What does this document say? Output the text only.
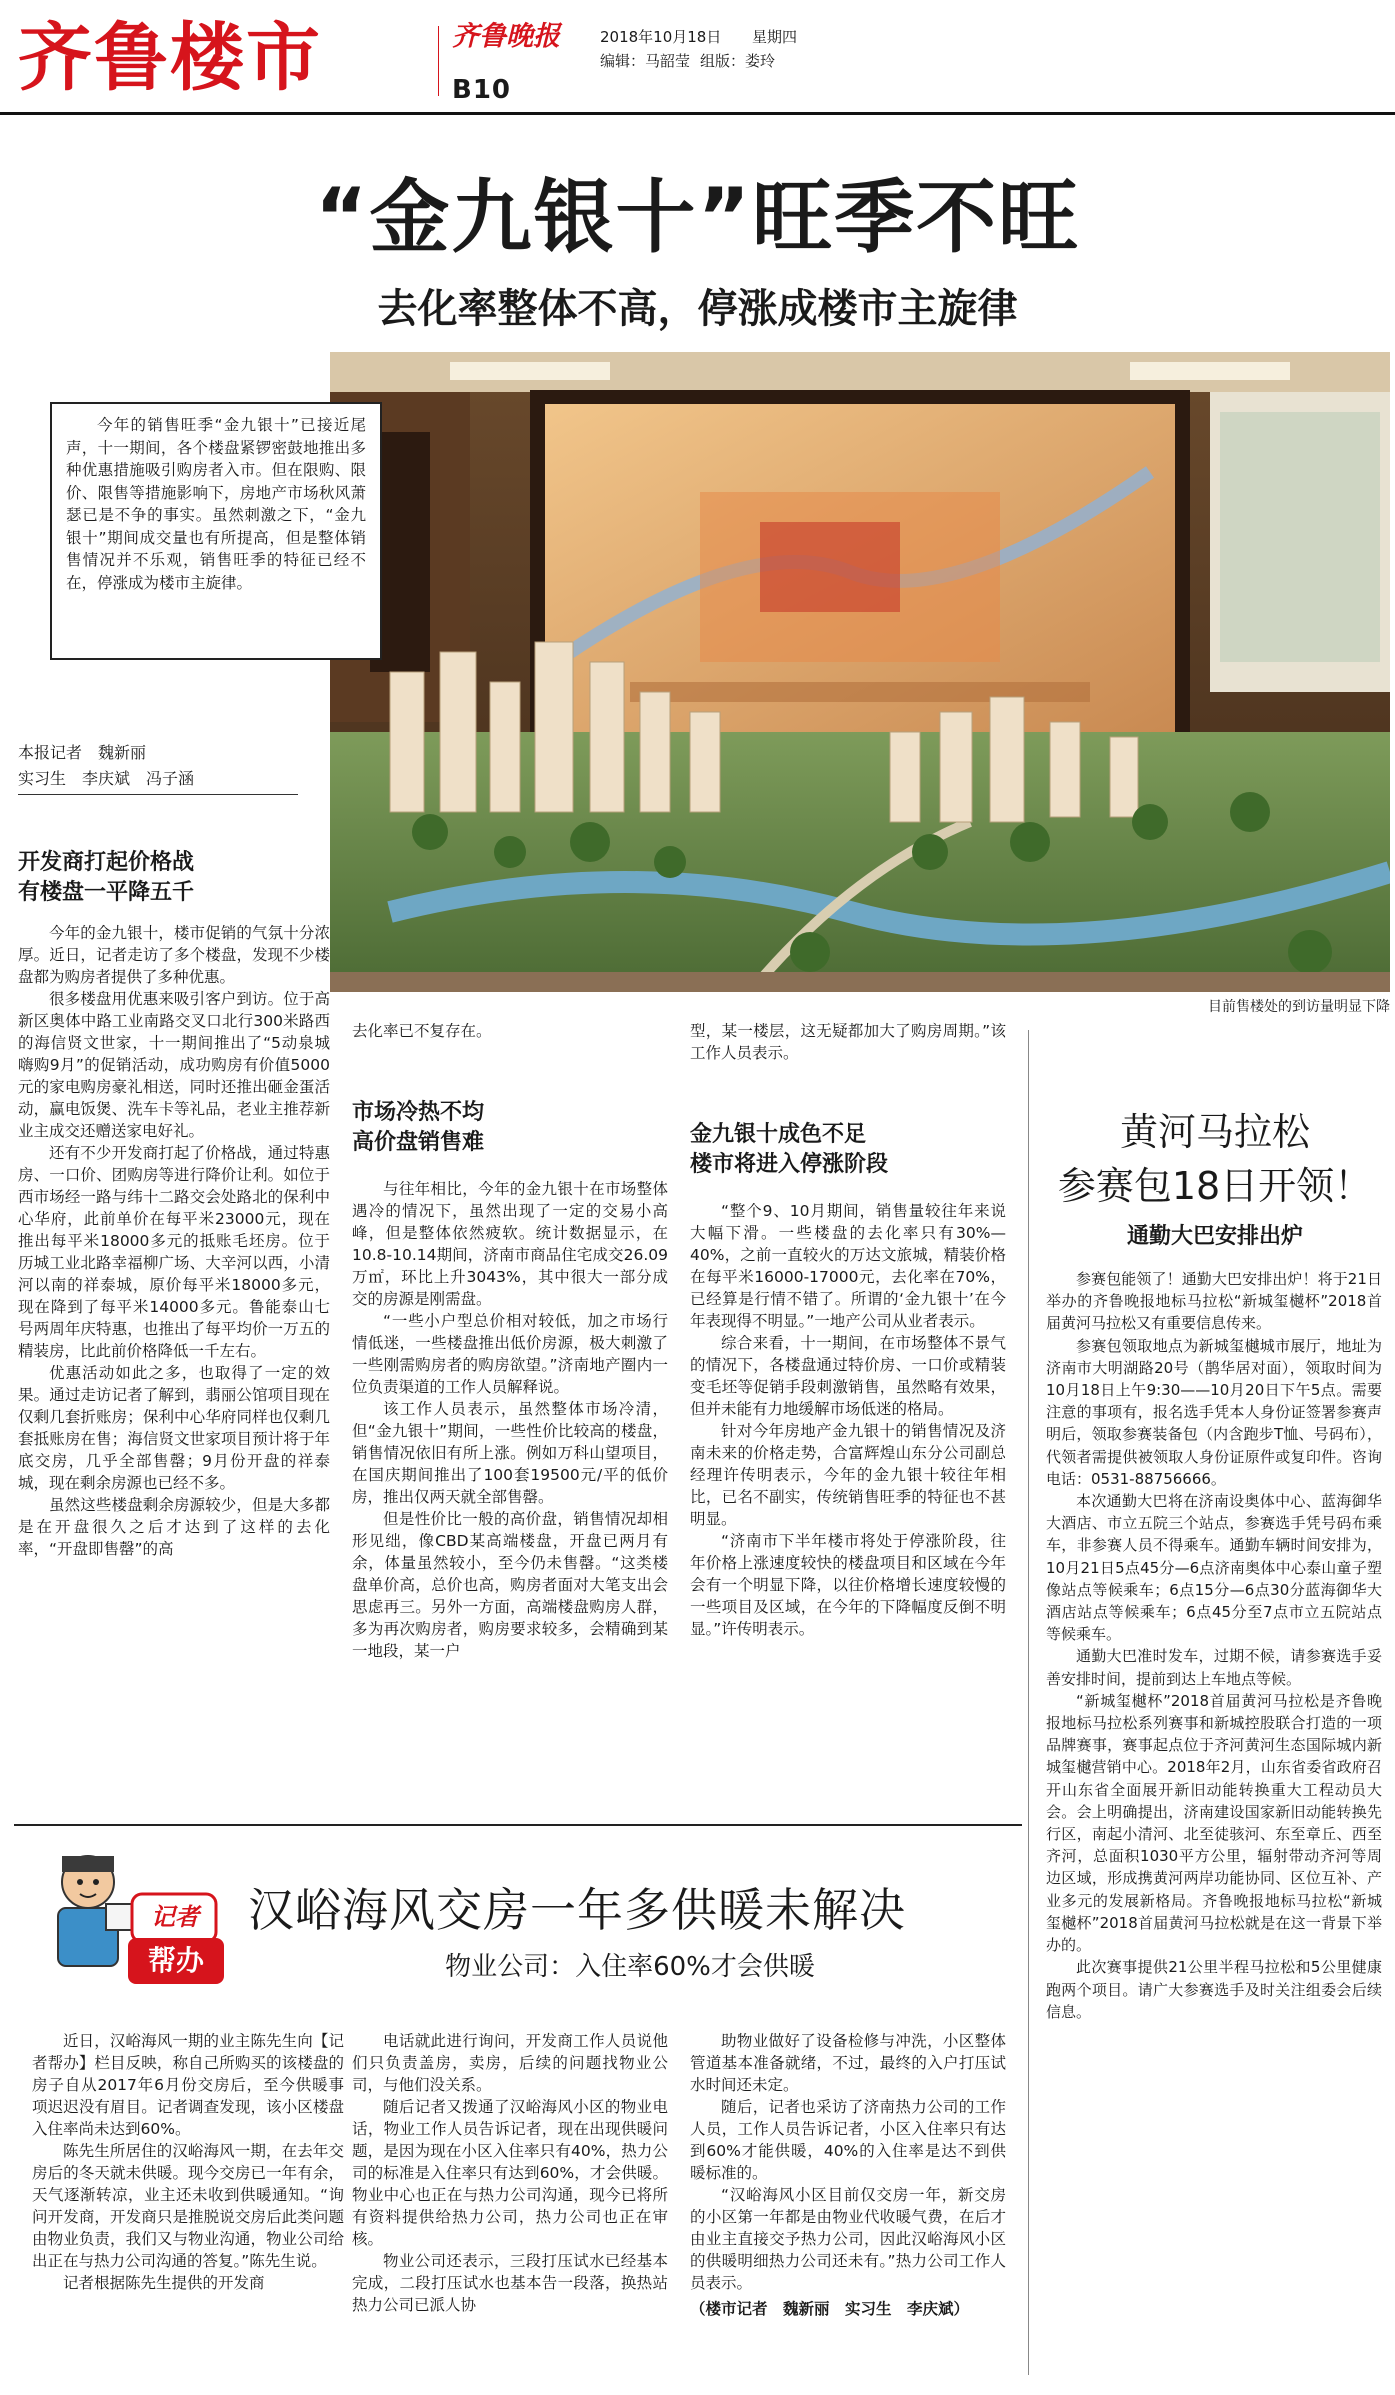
齐鲁楼市	齐鲁晚报	2018年10月18日 星期四
编辑：马韶莹 组版：娄玲
B10
“金九银十”旺季不旺
去化率整体不高，停涨成楼市主旋律
今年的销售旺季“金九银十”已接近尾声，十一期间，各个楼盘紧锣密鼓地推出多种优惠措施吸引购房者入市。但在限购、限价、限售等措施影响下，房地产市场秋风萧瑟已是不争的事实。虽然刺激之下，“金九银十”期间成交量也有所提高，但是整体销售情况并不乐观，销售旺季的特征已经不在，停涨成为楼市主旋律。
目前售楼处的到访量明显下降
本报记者　魏新丽
实习生　李庆斌　冯子涵
开发商打起价格战
有楼盘一平降五千

今年的金九银十，楼市促销的气氛十分浓厚。近日，记者走访了多个楼盘，发现不少楼盘都为购房者提供了多种优惠。

很多楼盘用优惠来吸引客户到访。位于高新区奥体中路工业南路交叉口北行300米路西的海信贤文世家，十一期间推出了“5动泉城 嗨购9月”的促销活动，成功购房有价值5000元的家电购房豪礼相送，同时还推出砸金蛋活动，赢电饭煲、洗车卡等礼品，老业主推荐新业主成交还赠送家电好礼。

还有不少开发商打起了价格战，通过特惠房、一口价、团购房等进行降价让利。如位于西市场经一路与纬十二路交会处路北的保利中心华府，此前单价在每平米23000元，现在推出每平米18000多元的抵账毛坯房。位于历城工业北路幸福柳广场、大辛河以西，小清河以南的祥泰城，原价每平米18000多元，现在降到了每平米14000多元。鲁能泰山七号两周年庆特惠，也推出了每平均价一万五的精装房，比此前价格降低一千左右。

优惠活动如此之多，也取得了一定的效果。通过走访记者了解到，翡丽公馆项目现在仅剩几套折账房；保利中心华府同样也仅剩几套抵账房在售；海信贤文世家项目预计将于年底交房，几乎全部售罄；9月份开盘的祥泰城，现在剩余房源也已经不多。

虽然这些楼盘剩余房源较少，但是大多都是在开盘很久之后才达到了这样的去化率，“开盘即售罄”的高

去化率已不复存在。
市场冷热不均
高价盘销售难

与往年相比，今年的金九银十在市场整体遇冷的情况下，虽然出现了一定的交易小高峰，但是整体依然疲软。统计数据显示，在10.8-10.14期间，济南市商品住宅成交26.09万㎡，环比上升3043%，其中很大一部分成交的房源是刚需盘。

“一些小户型总价相对较低，加之市场行情低迷，一些楼盘推出低价房源，极大刺激了一些刚需购房者的购房欲望。”济南地产圈内一位负责渠道的工作人员解释说。

该工作人员表示，虽然整体市场冷清，但“金九银十”期间，一些性价比较高的楼盘，销售情况依旧有所上涨。例如万科山望项目，在国庆期间推出了100套19500元/平的低价房，推出仅两天就全部售罄。

但是性价比一般的高价盘，销售情况却相形见绌，像CBD某高端楼盘，开盘已两月有余，体量虽然较小，至今仍未售罄。“这类楼盘单价高，总价也高，购房者面对大笔支出会思虑再三。另外一方面，高端楼盘购房人群，多为再次购房者，购房要求较多，会精确到某一地段，某一户

型，某一楼层，这无疑都加大了购房周期。”该工作人员表示。
金九银十成色不足
楼市将进入停涨阶段

“整个9、10月期间，销售量较往年来说大幅下滑。一些楼盘的去化率只有30%—40%，之前一直较火的万达文旅城，精装价格在每平米16000-17000元，去化率在70%，已经算是行情不错了。所谓的‘金九银十’在今年表现得不明显。”一地产公司从业者表示。

综合来看，十一期间，在市场整体不景气的情况下，各楼盘通过特价房、一口价或精装变毛坯等促销手段刺激销售，虽然略有效果，但并未能有力地缓解市场低迷的格局。

针对今年房地产金九银十的销售情况及济南未来的价格走势，合富辉煌山东分公司副总经理许传明表示，今年的金九银十较往年相比，已名不副实，传统销售旺季的特征也不甚明显。

“济南市下半年楼市将处于停涨阶段，往年价格上涨速度较快的楼盘项目和区域在今年会有一个明显下降，以往价格增长速度较慢的一些项目及区域，在今年的下降幅度反倒不明显。”许传明表示。

黄河马拉松
参赛包18日开领！
通勤大巴安排出炉

参赛包能领了！通勤大巴安排出炉！将于21日举办的齐鲁晚报地标马拉松“新城玺樾杯”2018首届黄河马拉松又有重要信息传来。

参赛包领取地点为新城玺樾城市展厅，地址为济南市大明湖路20号（鹊华居对面），领取时间为10月18日上午9:30——10月20日下午5点。需要注意的事项有，报名选手凭本人身份证签署参赛声明后，领取参赛装备包（内含跑步T恤、号码布），代领者需提供被领取人身份证原件或复印件。咨询电话：0531-88756666。

本次通勤大巴将在济南设奥体中心、蓝海御华大酒店、市立五院三个站点，参赛选手凭号码布乘车，非参赛人员不得乘车。通勤车辆时间安排为，10月21日5点45分—6点济南奥体中心泰山童子塑像站点等候乘车；6点15分—6点30分蓝海御华大酒店站点等候乘车；6点45分至7点市立五院站点等候乘车。

通勤大巴准时发车，过期不候，请参赛选手妥善安排时间，提前到达上车地点等候。

“新城玺樾杯”2018首届黄河马拉松是齐鲁晚报地标马拉松系列赛事和新城控股联合打造的一项品牌赛事，赛事起点位于齐河黄河生态国际城内新城玺樾营销中心。2018年2月，山东省委省政府召开山东省全面展开新旧动能转换重大工程动员大会。会上明确提出，济南建设国家新旧动能转换先行区，南起小清河、北至徒骇河、东至章丘、西至齐河，总面积1030平方公里，辐射带动齐河等周边区域，形成携黄河两岸功能协同、区位互补、产业多元的发展新格局。齐鲁晚报地标马拉松“新城玺樾杯”2018首届黄河马拉松就是在这一背景下举办的。

此次赛事提供21公里半程马拉松和5公里健康跑两个项目。请广大参赛选手及时关注组委会后续信息。

记者
帮办
汉峪海风交房一年多供暖未解决
物业公司：入住率60%才会供暖

近日，汉峪海风一期的业主陈先生向【记者帮办】栏目反映，称自己所购买的该楼盘的房子自从2017年6月份交房后，至今供暖事项迟迟没有眉目。记者调查发现，该小区楼盘入住率尚未达到60%。

陈先生所居住的汉峪海风一期，在去年交房后的冬天就未供暖。现今交房已一年有余，天气逐渐转凉，业主还未收到供暖通知。“询问开发商，开发商只是推脱说交房后此类问题由物业负责，我们又与物业沟通，物业公司给出正在与热力公司沟通的答复。”陈先生说。

记者根据陈先生提供的开发商

电话就此进行询问，开发商工作人员说他们只负责盖房，卖房，后续的问题找物业公司，与他们没关系。

随后记者又拨通了汉峪海风小区的物业电话，物业工作人员告诉记者，现在出现供暖问题，是因为现在小区入住率只有40%，热力公司的标准是入住率只有达到60%，才会供暖。物业中心也正在与热力公司沟通，现今已将所有资料提供给热力公司，热力公司也正在审核。

物业公司还表示，三段打压试水已经基本完成，二段打压试水也基本告一段落，换热站热力公司已派人协

助物业做好了设备检修与冲洗，小区整体管道基本准备就绪，不过，最终的入户打压试水时间还未定。

随后，记者也采访了济南热力公司的工作人员，工作人员告诉记者，小区入住率只有达到60%才能供暖，40%的入住率是达不到供暖标准的。

“汉峪海风小区目前仅交房一年，新交房的小区第一年都是由物业代收暖气费，在后才由业主直接交予热力公司，因此汉峪海风小区的供暖明细热力公司还未有。”热力公司工作人员表示。

（楼市记者　魏新丽　实习生　李庆斌）
